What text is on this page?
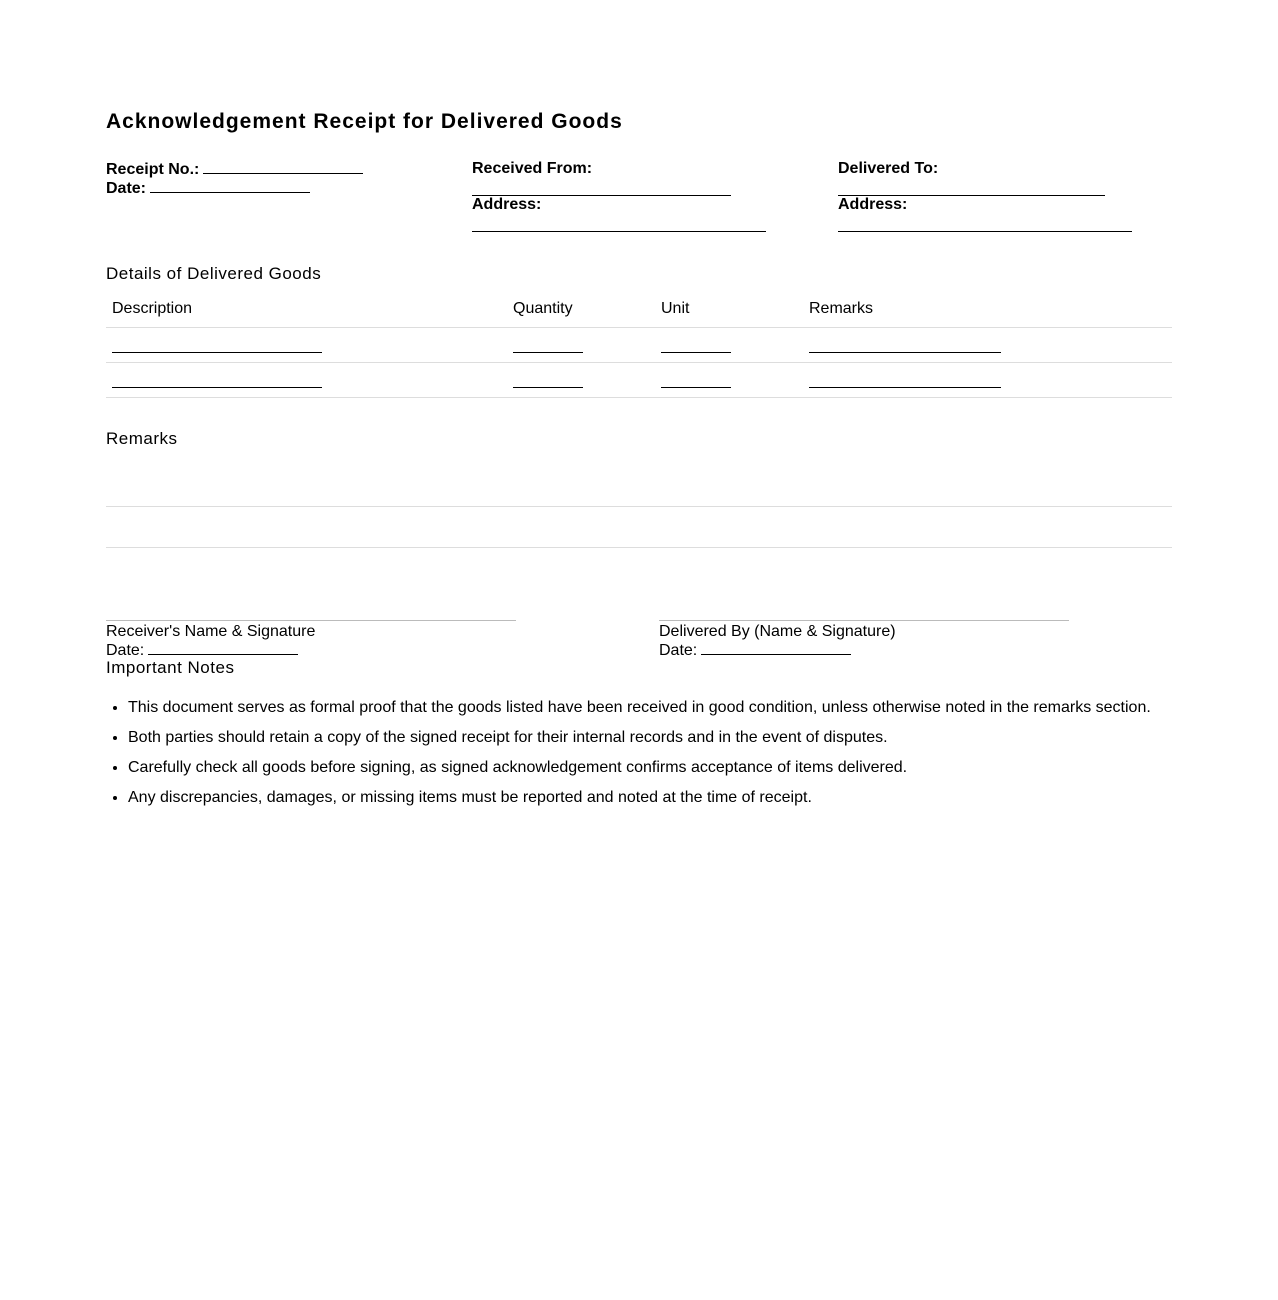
Acknowledgement Receipt for Delivered Goods
Receipt No.:
Date:
Received From:
Address:
Delivered To:
Address:
Details of Delivered Goods
Description	Quantity	Unit	Remarks
Remarks
Receiver's Name & Signature
Date:
Delivered By (Name & Signature)
Date:
Important Notes
• This document serves as formal proof that the goods listed have been received in good condition, unless otherwise noted in the remarks section.
• Both parties should retain a copy of the signed receipt for their internal records and in the event of disputes.
• Carefully check all goods before signing, as signed acknowledgement confirms acceptance of items delivered.
• Any discrepancies, damages, or missing items must be reported and noted at the time of receipt.
